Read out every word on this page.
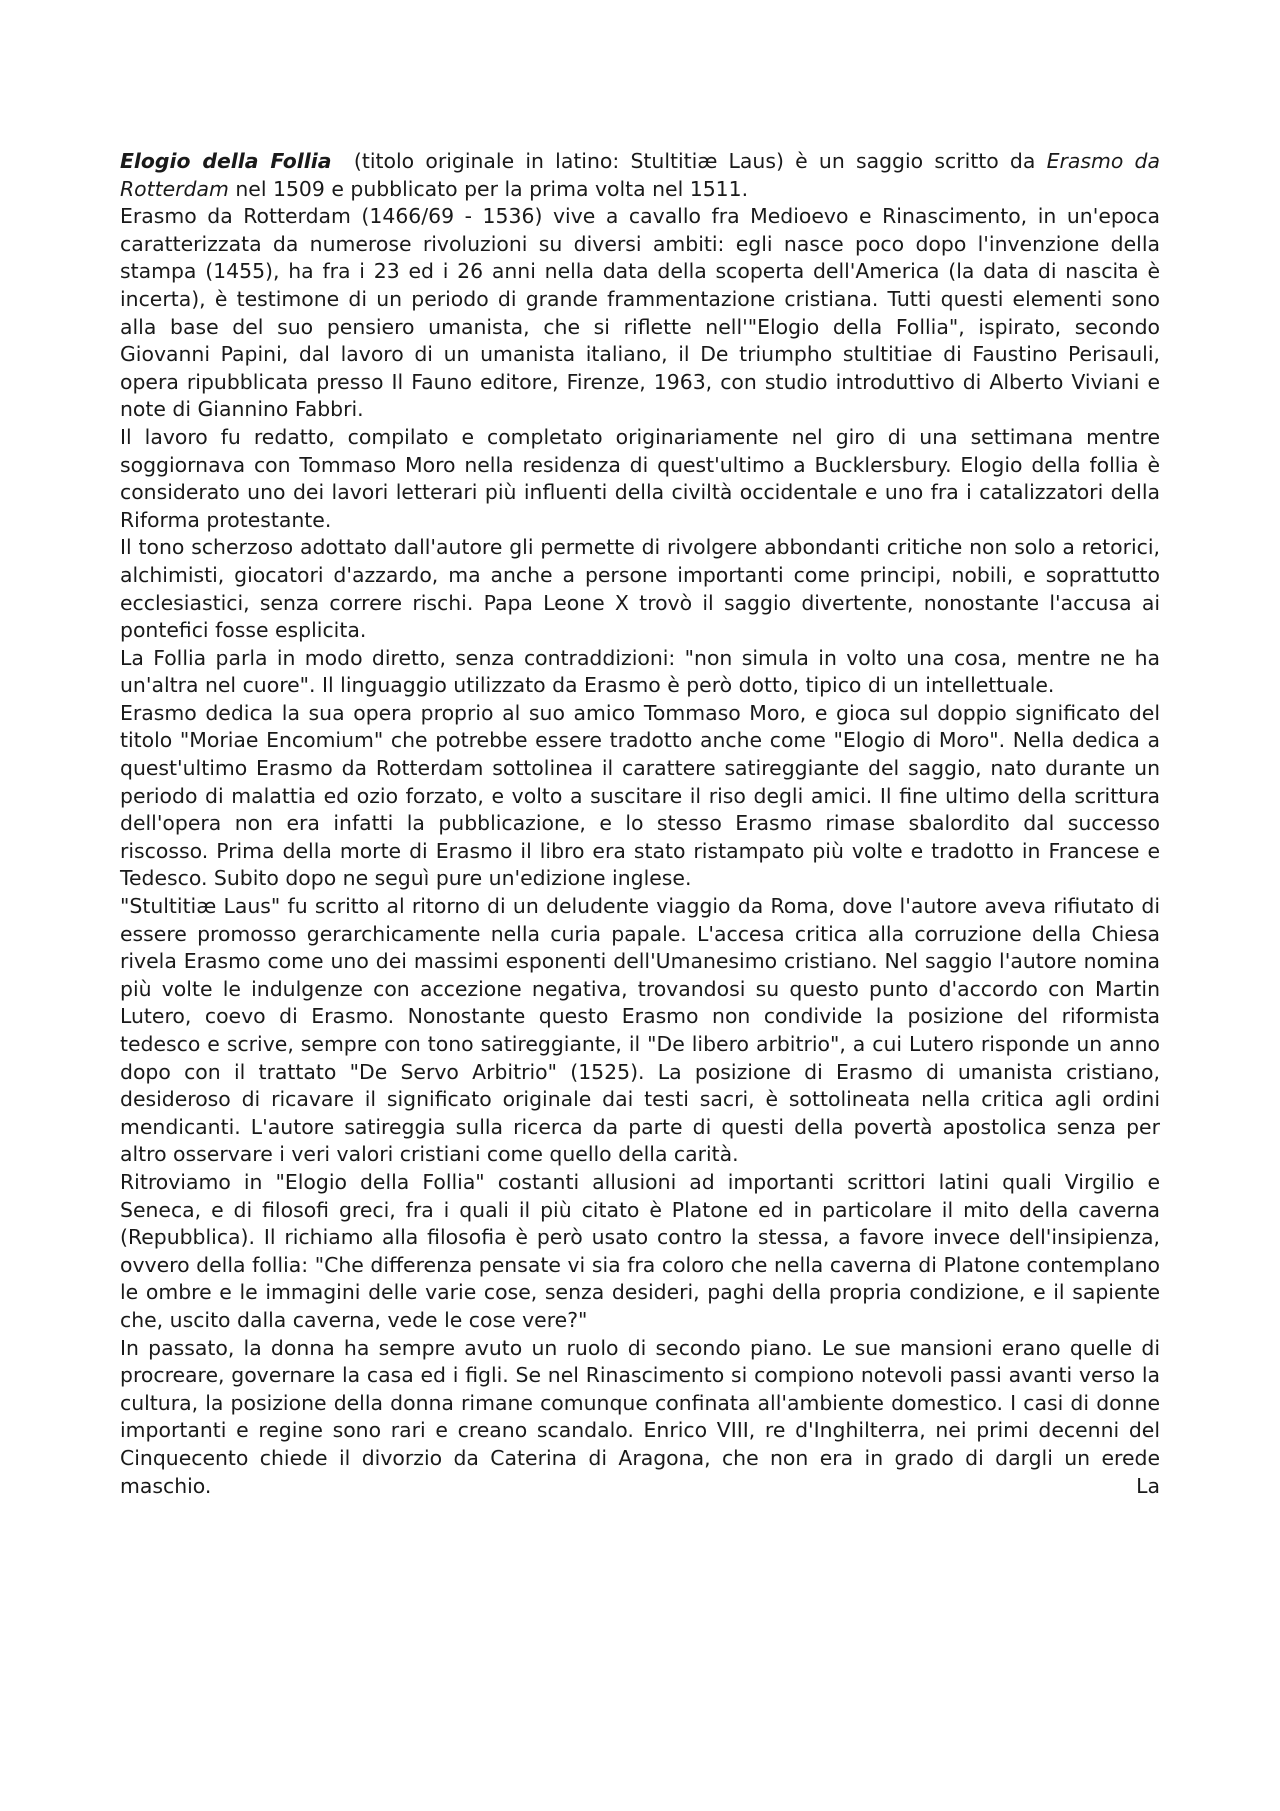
Elogio della Follia  (titolo originale in latino: Stultitiæ Laus) è un saggio scritto da Erasmo da Rotterdam nel 1509 e pubblicato per la prima volta nel 1511.

Erasmo da Rotterdam (1466/69 - 1536) vive a cavallo fra Medioevo e Rinascimento, in un'epoca caratterizzata da numerose rivoluzioni su diversi ambiti: egli nasce poco dopo l'invenzione della stampa (1455), ha fra i 23 ed i 26 anni nella data della scoperta dell'America (la data di nascita è incerta), è testimone di un periodo di grande frammentazione cristiana. Tutti questi elementi sono alla base del suo pensiero umanista, che si riflette nell'"Elogio della Follia", ispirato, secondo Giovanni Papini, dal lavoro di un umanista italiano, il De triumpho stultitiae di Faustino Perisauli, opera ripubblicata presso Il Fauno editore, Firenze, 1963, con studio introduttivo di Alberto Viviani e note di Giannino Fabbri.

Il lavoro fu redatto, compilato e completato originariamente nel giro di una settimana mentre soggiornava con Tommaso Moro nella residenza di quest'ultimo a Bucklersbury. Elogio della follia è considerato uno dei lavori letterari più influenti della civiltà occidentale e uno fra i catalizzatori della Riforma protestante.

Il tono scherzoso adottato dall'autore gli permette di rivolgere abbondanti critiche non solo a retorici, alchimisti, giocatori d'azzardo, ma anche a persone importanti come principi, nobili, e soprattutto ecclesiastici, senza correre rischi. Papa Leone X trovò il saggio divertente, nonostante l'accusa ai pontefici fosse esplicita.

La Follia parla in modo diretto, senza contraddizioni: "non simula in volto una cosa, mentre ne ha un'altra nel cuore". Il linguaggio utilizzato da Erasmo è però dotto, tipico di un intellettuale.

Erasmo dedica la sua opera proprio al suo amico Tommaso Moro, e gioca sul doppio significato del titolo "Moriae Encomium" che potrebbe essere tradotto anche come "Elogio di Moro". Nella dedica a quest'ultimo Erasmo da Rotterdam sottolinea il carattere satireggiante del saggio, nato durante un periodo di malattia ed ozio forzato, e volto a suscitare il riso degli amici. Il fine ultimo della scrittura dell'opera non era infatti la pubblicazione, e lo stesso Erasmo rimase sbalordito dal successo riscosso. Prima della morte di Erasmo il libro era stato ristampato più volte e tradotto in Francese e Tedesco. Subito dopo ne seguì pure un'edizione inglese.

"Stultitiæ Laus" fu scritto al ritorno di un deludente viaggio da Roma, dove l'autore aveva rifiutato di essere promosso gerarchicamente nella curia papale. L'accesa critica alla corruzione della Chiesa rivela Erasmo come uno dei massimi esponenti dell'Umanesimo cristiano. Nel saggio l'autore nomina più volte le indulgenze con accezione negativa, trovandosi su questo punto d'accordo con Martin Lutero, coevo di Erasmo. Nonostante questo Erasmo non condivide la posizione del riformista tedesco e scrive, sempre con tono satireggiante, il "De libero arbitrio", a cui Lutero risponde un anno dopo con il trattato "De Servo Arbitrio" (1525). La posizione di Erasmo di umanista cristiano, desideroso di ricavare il significato originale dai testi sacri, è sottolineata nella critica agli ordini mendicanti. L'autore satireggia sulla ricerca da parte di questi della povertà apostolica senza per altro osservare i veri valori cristiani come quello della carità.

Ritroviamo in "Elogio della Follia" costanti allusioni ad importanti scrittori latini quali Virgilio e Seneca, e di filosofi greci, fra i quali il più citato è Platone ed in particolare il mito della caverna (Repubblica). Il richiamo alla filosofia è però usato contro la stessa, a favore invece dell'insipienza, ovvero della follia: "Che differenza pensate vi sia fra coloro che nella caverna di Platone contemplano le ombre e le immagini delle varie cose, senza desideri, paghi della propria condizione, e il sapiente che, uscito dalla caverna, vede le cose vere?"

In passato, la donna ha sempre avuto un ruolo di secondo piano. Le sue mansioni erano quelle di procreare, governare la casa ed i figli. Se nel Rinascimento si compiono notevoli passi avanti verso la cultura, la posizione della donna rimane comunque confinata all'ambiente domestico. I casi di donne importanti e regine sono rari e creano scandalo. Enrico VIII, re d'Inghilterra, nei primi decenni del Cinquecento chiede il divorzio da Caterina di Aragona, che non era in grado di dargli un erede maschio. La
